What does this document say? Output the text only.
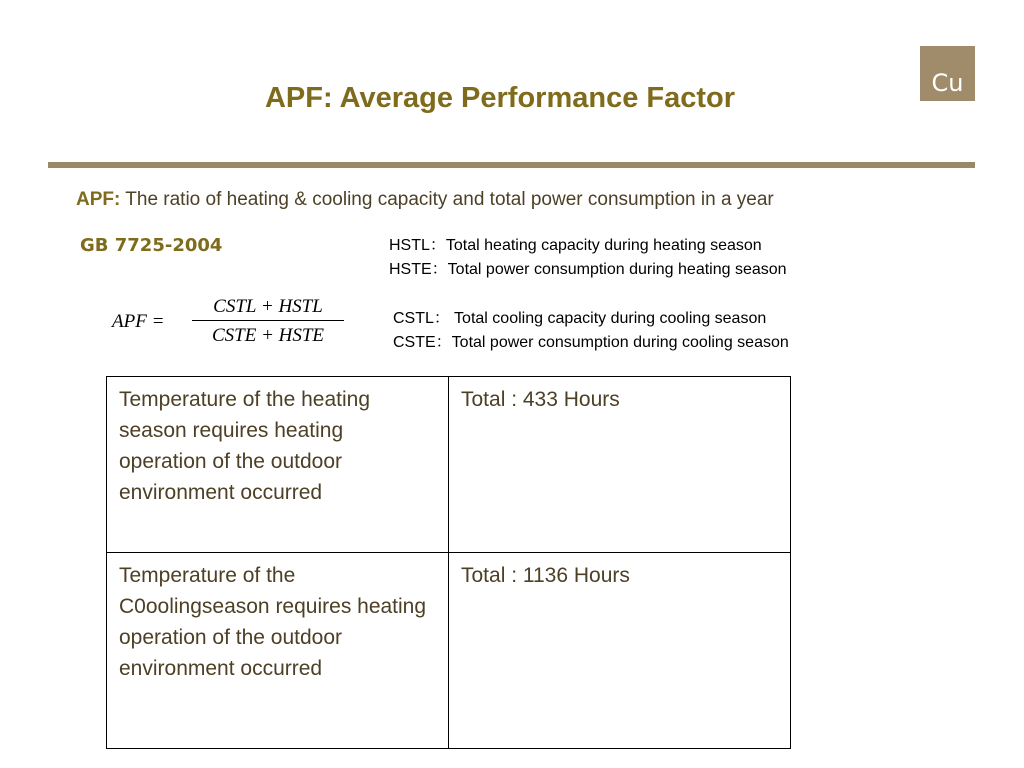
APF: Average Performance Factor	Cu
APF: The ratio of heating & cooling capacity and total power consumption in a year
GB 7725-2004
APF =
CSTL + HSTL
CSTE + HSTE
HSTL：Total heating capacity during heating season
HSTE：Total power consumption during heating season
CSTL： Total cooling capacity during cooling season
CSTE：Total power consumption during cooling season
Temperature of the heating season requires heating operation of the outdoor environment occurred	Total : 433 Hours
Temperature of the C0oolingseason requires heating operation of the outdoor environment occurred	Total : 1136 Hours
